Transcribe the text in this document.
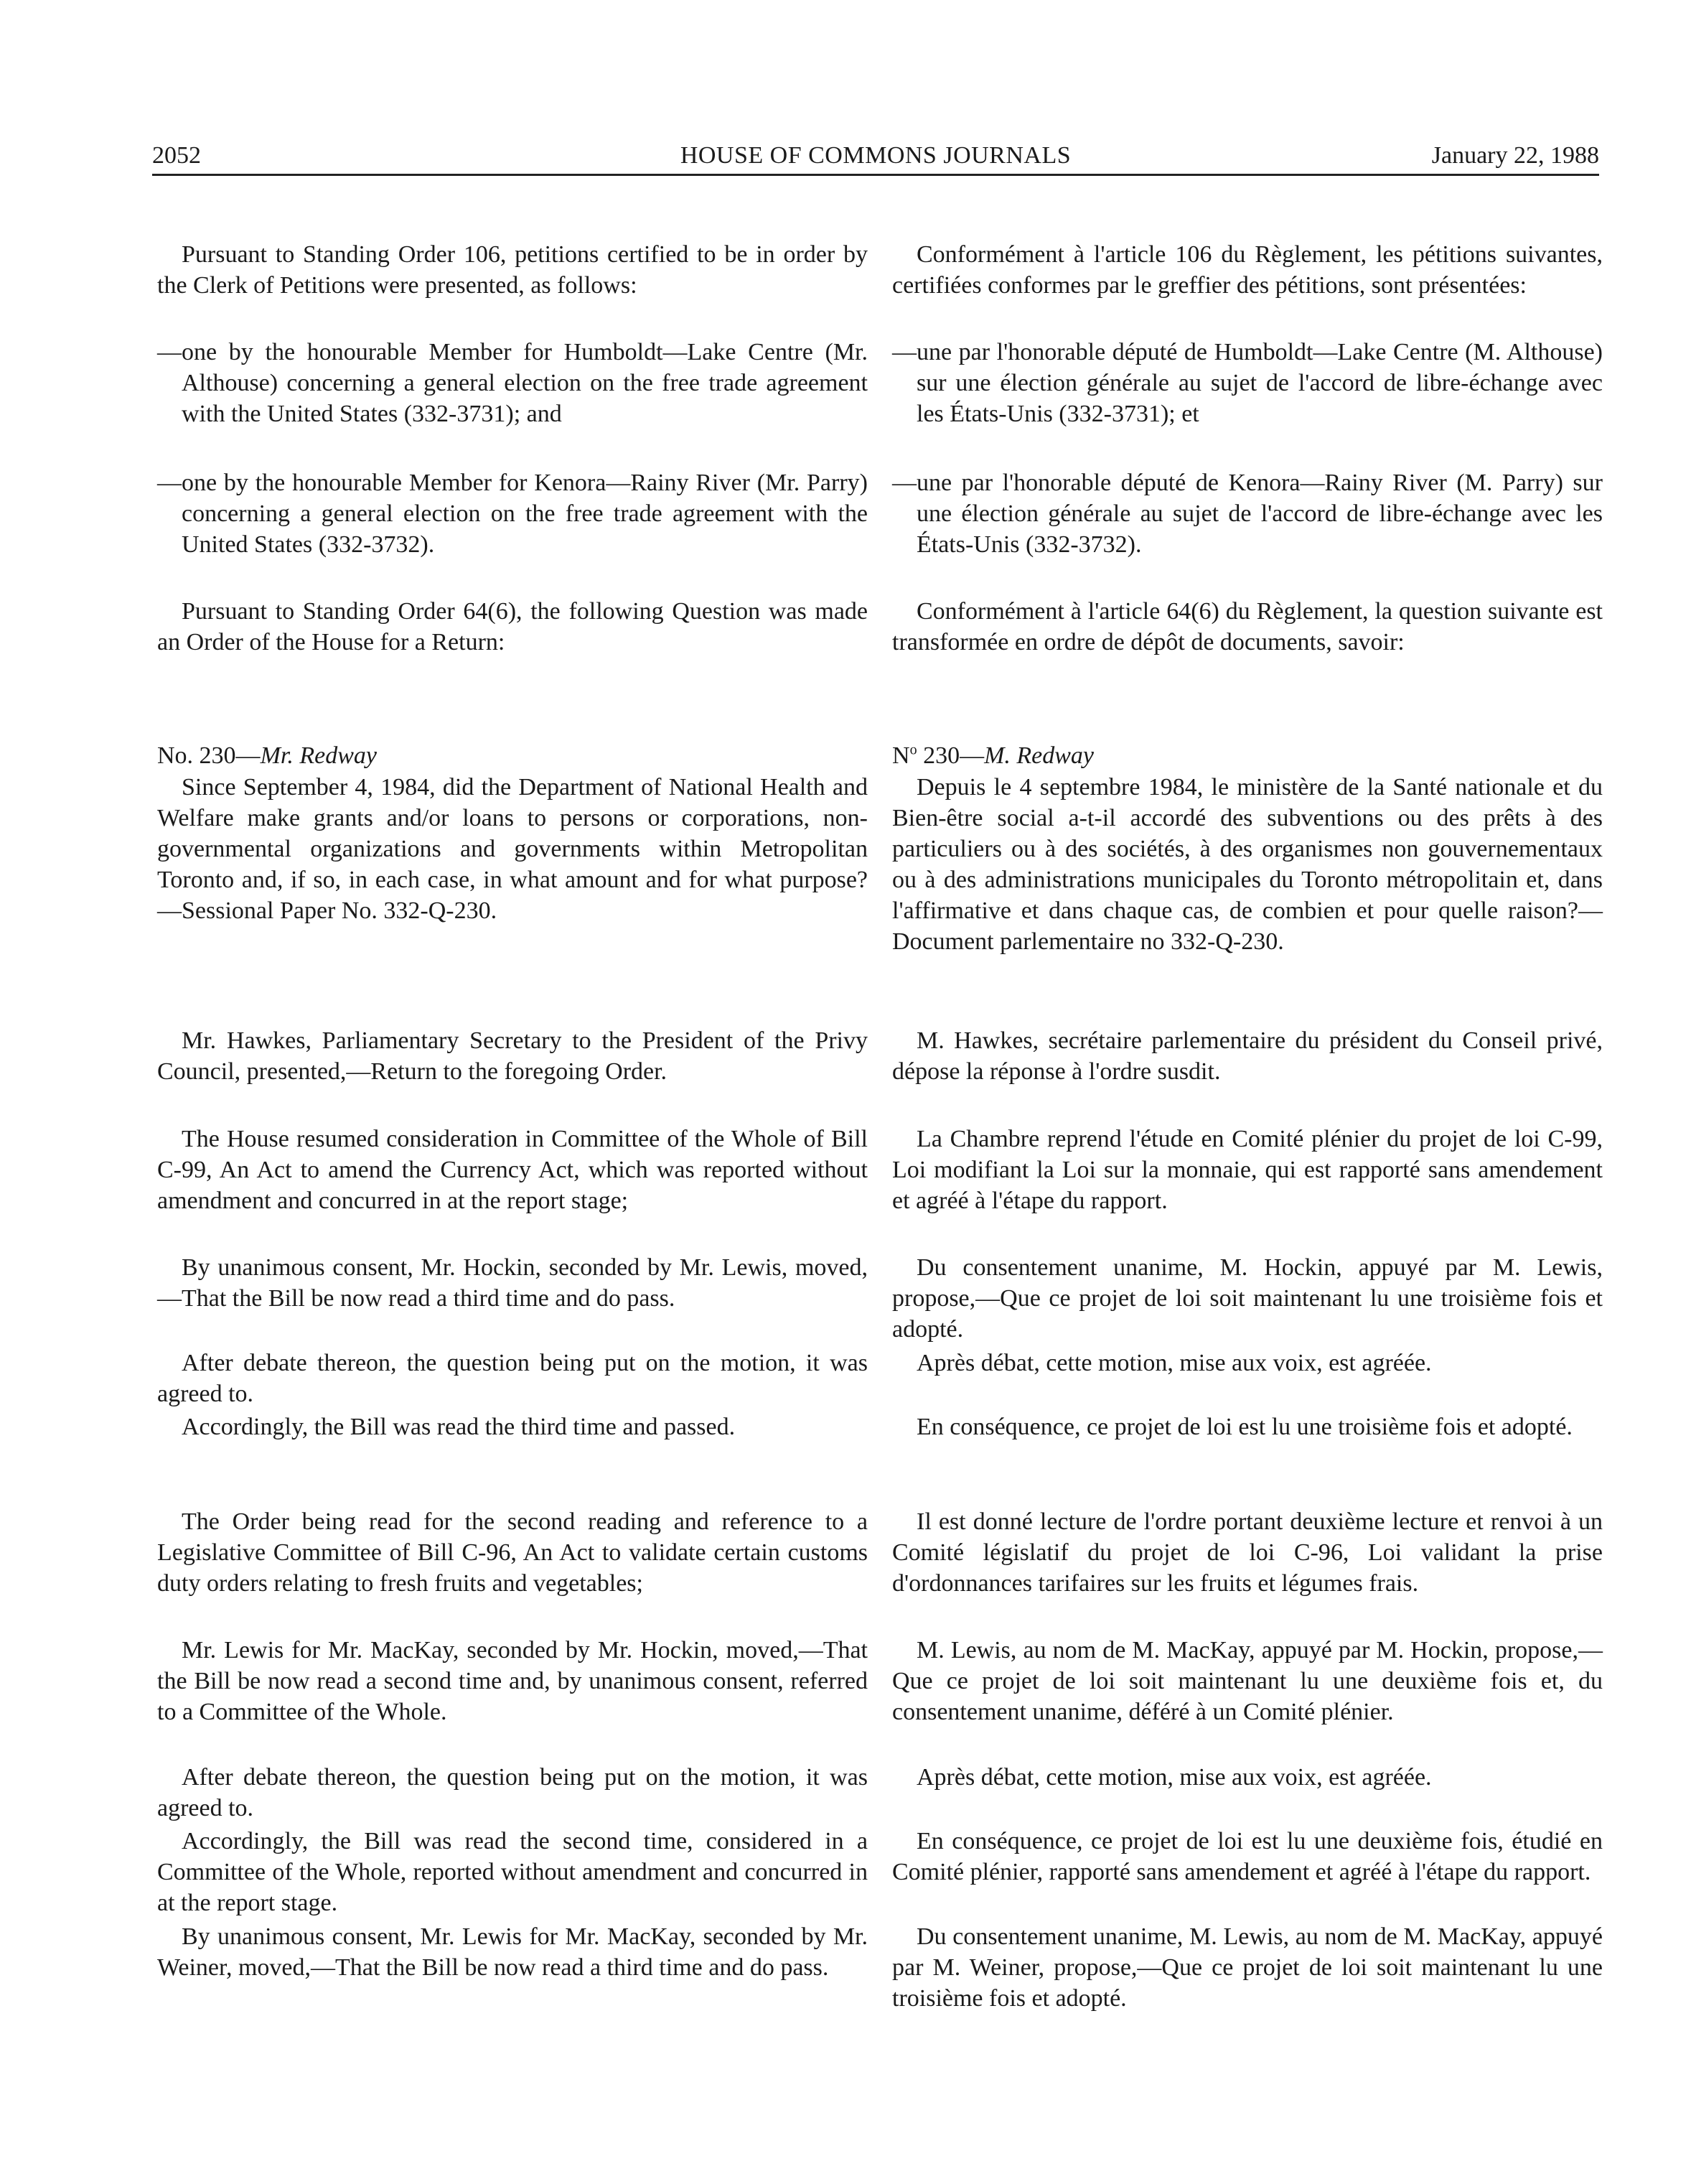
2052	HOUSE OF COMMONS JOURNALS	January 22, 1988

Pursuant to Standing Order 106, petitions certified to be in order by the Clerk of Petitions were presented, as follows:

—one by the honourable Member for Humboldt—Lake Centre (Mr. Althouse) concerning a general election on the free trade agreement with the United States (332-3731); and

—one by the honourable Member for Kenora—Rainy River (Mr. Parry) concerning a general election on the free trade agreement with the United States (332-3732).

Pursuant to Standing Order 64(6), the following Question was made an Order of the House for a Return:

No. 230—Mr. Redway

Since September 4, 1984, did the Department of National Health and Welfare make grants and/or loans to persons or corporations, non-governmental organizations and governments within Metropolitan Toronto and, if so, in each case, in what amount and for what purpose?—Sessional Paper No. 332-Q-230.

Mr. Hawkes, Parliamentary Secretary to the President of the Privy Council, presented,—Return to the foregoing Order.

The House resumed consideration in Committee of the Whole of Bill C-99, An Act to amend the Currency Act, which was reported without amendment and concurred in at the report stage;

By unanimous consent, Mr. Hockin, seconded by Mr. Lewis, moved,—That the Bill be now read a third time and do pass.

After debate thereon, the question being put on the motion, it was agreed to.

Accordingly, the Bill was read the third time and passed.

The Order being read for the second reading and reference to a Legislative Committee of Bill C-96, An Act to validate certain customs duty orders relating to fresh fruits and vegetables;

Mr. Lewis for Mr. MacKay, seconded by Mr. Hockin, moved,—That the Bill be now read a second time and, by unanimous consent, referred to a Committee of the Whole.

After debate thereon, the question being put on the motion, it was agreed to.

Accordingly, the Bill was read the second time, considered in a Committee of the Whole, reported without amendment and concurred in at the report stage.

By unanimous consent, Mr. Lewis for Mr. MacKay, seconded by Mr. Weiner, moved,—That the Bill be now read a third time and do pass.

Conformément à l'article 106 du Règlement, les pétitions suivantes, certifiées conformes par le greffier des pétitions, sont présentées:

—une par l'honorable député de Humboldt—Lake Centre (M. Althouse) sur une élection générale au sujet de l'accord de libre-échange avec les États-Unis (332-3731); et

—une par l'honorable député de Kenora—Rainy River (M. Parry) sur une élection générale au sujet de l'accord de libre-échange avec les États-Unis (332-3732).

Conformément à l'article 64(6) du Règlement, la question suivante est transformée en ordre de dépôt de documents, savoir:

$N^o$ 230—M. Redway

Depuis le 4 septembre 1984, le ministère de la Santé nationale et du Bien-être social a-t-il accordé des subventions ou des prêts à des particuliers ou à des sociétés, à des organismes non gouvernementaux ou à des administrations municipales du Toronto métropolitain et, dans l'affirmative et dans chaque cas, de combien et pour quelle raison?—Document parlementaire no 332-Q-230.

M. Hawkes, secrétaire parlementaire du président du Conseil privé, dépose la réponse à l'ordre susdit.

La Chambre reprend l'étude en Comité plénier du projet de loi C-99, Loi modifiant la Loi sur la monnaie, qui est rapporté sans amendement et agréé à l'étape du rapport.

Du consentement unanime, M. Hockin, appuyé par M. Lewis, propose,—Que ce projet de loi soit maintenant lu une troisième fois et adopté.

Après débat, cette motion, mise aux voix, est agréée.

En conséquence, ce projet de loi est lu une troisième fois et adopté.

Il est donné lecture de l'ordre portant deuxième lecture et renvoi à un Comité législatif du projet de loi C-96, Loi validant la prise d'ordonnances tarifaires sur les fruits et légumes frais.

M. Lewis, au nom de M. MacKay, appuyé par M. Hockin, propose,—Que ce projet de loi soit maintenant lu une deuxième fois et, du consentement unanime, déféré à un Comité plénier.

Après débat, cette motion, mise aux voix, est agréée.

En conséquence, ce projet de loi est lu une deuxième fois, étudié en Comité plénier, rapporté sans amendement et agréé à l'étape du rapport.

Du consentement unanime, M. Lewis, au nom de M. MacKay, appuyé par M. Weiner, propose,—Que ce projet de loi soit maintenant lu une troisième fois et adopté.
